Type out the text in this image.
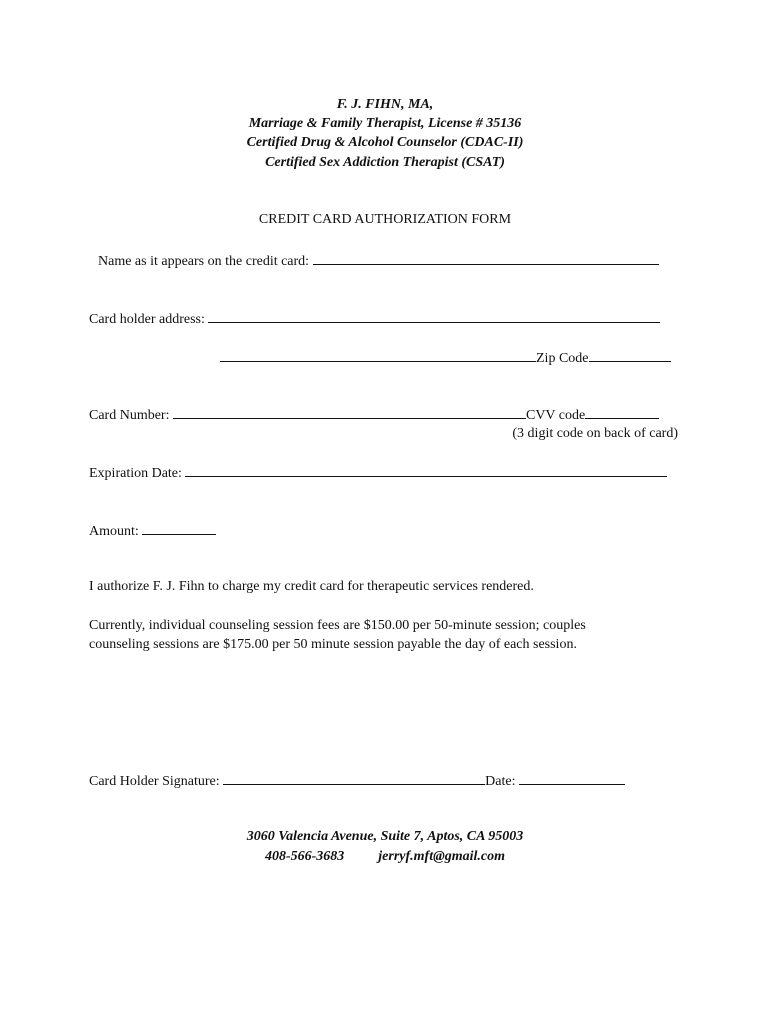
F. J. FIHN, MA,
Marriage & Family Therapist, License # 35136
Certified Drug & Alcohol Counselor (CDAC-II)
Certified Sex Addiction Therapist (CSAT)
CREDIT CARD AUTHORIZATION FORM
Name as it appears on the credit card:
Card holder address:
Zip Code
Card Number:	CVV code
(3 digit code on back of card)
Expiration Date:
Amount:
I authorize F. J. Fihn to charge my credit card for therapeutic services rendered.
Currently, individual counseling session fees are $150.00 per 50-minute session; couples
counseling sessions are $175.00 per 50 minute session payable the day of each session.
Card Holder Signature:	Date:
3060 Valencia Avenue, Suite 7, Aptos, CA 95003
408-566-3683 jerryf.mft@gmail.com
